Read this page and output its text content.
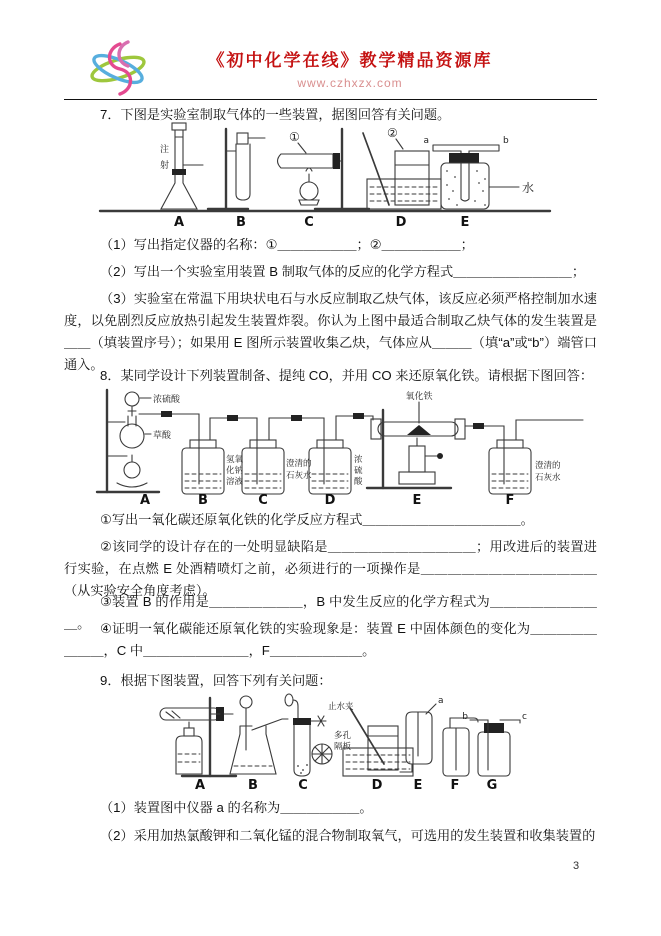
《初中化学在线》教学精品资源库
www.czhxzx.com

7．下图是实验室制取气体的一些装置，据图回答有关问题。

注
射
①	②
a	b
水
A	B	C	D	E

（1）写出指定仪器的名称：①＿＿＿＿＿＿；②＿＿＿＿＿＿；

（2）写出一个实验室用装置 B 制取气体的反应的化学方程式＿＿＿＿＿＿＿＿＿；

（3）实验室在常温下用块状电石与水反应制取乙炔气体，该反应必须严格控制加水速度，以免剧烈反应放热引起发生装置炸裂。你认为上图中最适合制取乙炔气体的发生装置是＿＿（填装置序号）；如果用 E 图所示装置收集乙炔，气体应从＿＿＿（填“a”或“b”）端管口通入。

8．某同学设计下列装置制备、提纯 CO，并用 CO 来还原氧化铁。请根据下图回答：

浓硫酸
草酸
氢氧
化钠
溶液
澄清的
石灰水
浓
硫
酸
氧化铁
澄清的
石灰水
A	B	C	D	E	F

①写出一氧化碳还原氧化铁的化学反应方程式＿＿＿＿＿＿＿＿＿＿＿＿。

②该同学的设计存在的一处明显缺陷是＿＿＿＿＿＿＿＿＿＿＿；用改进后的装置进行实验，在点燃 E 处酒精喷灯之前，必须进行的一项操作是＿＿＿＿＿＿＿＿＿＿＿＿＿（从实验安全角度考虑）。

③装置 B 的作用是＿＿＿＿＿＿＿，B 中发生反应的化学方程式为＿＿＿＿＿＿＿＿＿。 ④证明一氧化碳能还原氧化铁的实验现象是：装置 E 中固体颜色的变化为＿＿＿＿＿＿＿＿，C 中＿＿＿＿＿＿＿＿，F＿＿＿＿＿＿＿。

9．根据下图装置，回答下列有关问题：

止水夹
多孔
隔板
a
b	c
A	B	C	D E F G

（1）装置图中仪器 a 的名称为＿＿＿＿＿＿。

（2）采用加热氯酸钾和二氧化锰的混合物制取氧气，可选用的发生装置和收集装置的

3
